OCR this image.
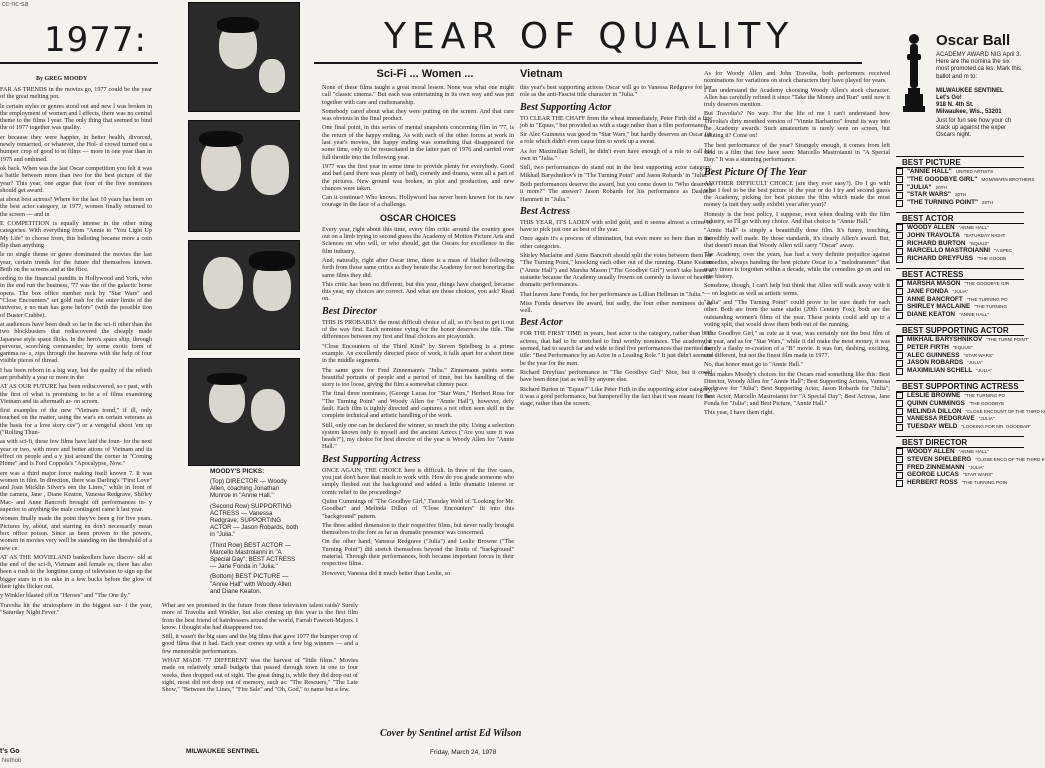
cc-nc-sa
Nethob
1977:
By GREG MOODY
FAR AS TRENDS in the movies go, 1977 could be the year of the great melting pot.
le certain styles or genres stood out and new l was broken in the employment of women and l effects, there was no central theme to the films l year. The only thing that seemed to bind the of 1977 together was quality.
er because they were happier, in better health, divorced, newly remarried, or whatever, the Hol- d crowd turned out a bumper crop of good to nt films — more in one year than in 1975 and ombined.
ok back. When was the last Oscar competition you felt it was a battle between more than two for the best picture of the year? This year, one argue that four of the five nominees should get award.
at about best actress? Where for the last 10 years has been on the best actor category, in 1977, women finally returned to the screen — and in
E COMPETITION is equally intense in the other ming categories. With everything from "Annie to "You Light Up My Life" to choose from, this balloting became more a coin flip than anything
le no single theme or genre dominated the movies the last year, certain trends for the future did themselves known. Both on the screens and at the ffice.
ording to the financial pundits in Hollywood and York, who in the end run the business, '77 was the of the galactic horse opera. The box office number ruck by "Star Wars" and "Close Encounters" set gold rush for the outer limits of the universe, e no man has gone before" (with the possible tion of Buster Crabbe).
at audiences have been dealt so far in the sci-fi other than the two blockbusters that rediscovered the cheaply made Japanese style space flicks. In the hero's space ship, through perverse, scorching commander, by some exotic form of gamma ra- s, zips through the heavens with the help of four visible pieces of thread.
I has been reborn in a big way, but the quality of the rebirth are probably a year or more in the
AT AS OUR FUTURE has been rediscovered, so r past, with the first of what is promising to be a of films examining Vietnam and its aftermath ar- on screen.
first examples of the new "Vietnam trend," if ill, only touched on the matter, using the war's en certain veterans as the basis for a love story ces") or a vengeful shoot 'em up ("Rolling Thun-
as with sci-fi, these few films have laid the foun- for the next year or two, with more and better ations of Vietnam and its effect on people and a y just around the corner in "Coming Home" and is Ford Coppola's "Apocalypse, Now."
ere was a third major force making itself known 7. It was women in film. In direction, there was Darling's "First Love" and Joan Micklin Silver's een the Lines," while in front of the camera, Jane , Diane Keaton, Vanessa Redgrave, Shirley Mac- and Anne Bancroft brought off performances in- y superior to anything the male contingent came h last year.
women finally made the point they've been g for five years. Pictures by, about, and starring en don't necessarily mean box office poison. Since as been proven to the powers, women in movies very well be standing on the threshold of a new ce.
AT AS THE MOVIELAND bankrollers have discov- old at the end of the sci-fi, Vietnam and female es, there has also been a rush to the longtime camp of television to sign up the bigger stars in rt to rake in a few bucks before the glow of their ights flicker out.
y Winkler blasted off in "Heroes" and "The One ily."
Travolta hit the stratosphere in the biggest sur- f the year, "Saturday Night Fever."
t's Go
MOODY'S PICKS:
(Top) DIRECTOR — Woody Allen, coaching Jonathan Munroe in "Annie Hall."
(Second Row) SUPPORTING ACTRESS — Vanessa Redgrave; SUPPORTING ACTOR — Jason Robards, both in "Julia."
(Third Row) BEST ACTOR — Marcello Mastroianni in "A Special Day"; BEST ACTRESS — Jane Fonda in "Julia."
(Bottom) BEST PICTURE — "Annie Hall" with Woody Allen and Diane Keaton.
YEAR OF QUALITY
Sci-Fi ... Women ...
None of these films taught a great moral lesson. None was what one might call "classic cinema." But each was entertaining in its own way and was put together with care and craftsmanship.
Somebody cared about what they were putting on the screen. And that care was obvious in the final product.
One final point, in this series of mental snapshots concerning film in '77, is the return of the happy ending. As with each of the other forces at work in last year's movies, the happy ending was something that disappeared for some time, only to be resuscitated in the latter part of 1976 and carried over full throttle into the following year.
1977 was the first year in some time to provide plenty for everybody. Good and bad (and there was plenty of bad), comedy and drama, were all a part of the pictures. New ground was broken, in plot and production, and new chances were taken.
Can it continue? Who knows. Hollywood has never been known for its raw courage in the face of a challenge.
OSCAR CHOICES
Every year, right about this time, every film critic around the country goes out on a limb trying to second guess the Academy of Motion Picture Arts and Sciences on who will, or who should, get the Oscars for excellence in the film industry.
And, naturally, right after Oscar time, there is a mass of blather following forth from those same critics as they berate the Academy for not honoring the same films they did.
This critic has been no different, but this year, things have changed, because this year, my choices are correct. And what are those choices, you ask? Read on.
Best Director
THIS IS PROBABLY the most difficult choice of all, so it's best to get it out of the way first. Each nominee vying for the honor deserves the title. The differences between my first and final choices are picayunish.
"Close Encounters of the Third Kind" by Steven Spielberg is a prime example. An excellently directed piece of work, it falls apart for a short time in the middle segments.
The same goes for Fred Zinnemann's "Julia." Zinnemann paints some beautiful portraits of people and a period of time, but his handling of the story is too loose, giving the film a somewhat clumsy pace.
The final three nominees, (George Lucas for "Star Wars," Herbert Ross for "The Turning Point" and Woody Allen for "Annie Hall"), however, defy fault. Each film is tightly directed and captures a not often seen skill in the complete technical and artistic handling of the work.
Still, only one can be declared the winner, so much the pity. Using a selection system known only to myself and the ancient Aztecs ("Are you sure it was heads?"), my choice for best director of the year is Woody Allen for "Annie Hall."
Best Supporting Actress
ONCE AGAIN, THE CHOICE here is difficult. In three of the five cases, you just don't have that much to work with. How do you grade someone who simply fleshed out the background and added a little dramatic interest or comic relief to the proceedings?
Quinn Cummings of "The Goodbye Girl," Tuesday Weld of "Looking for Mr. Goodbar" and Melinda Dillon of "Close Encounters" fit into this "background" pattern.
The three added dimension to their respective films, but never really brought themselves to the fore as far as dramatic presence was concerned.
On the other hand, Vanessa Redgrave ("Julia") and Leslie Browne ("The Turning Point") did stretch themselves beyond the limits of "background" material. Through their performances, both became important forces in their respective films.
However, Vanessa did it much better than Leslie, so
What are we promised in the future from these television talent raids? Surely more of Travolta and Winkler, but also coming up this year is the first film from the best friend of hairdressers around the world, Farrah Fawcett-Majors. I know. I thought she had disappeared too.
Still, it wasn't the big stars and the big films that gave 1977 the bumper crop of good films that it had. Each year comes up with a few big winners — and a few memorable performances.
WHAT MADE '77 DIFFERENT was the harvest of "little films." Movies made on relatively small budgets that passed through town in one to four weeks, then dropped out of sight. The great thing is, while they did drop out of sight, most did not drop out of memory, such as: "The Rescuers," "The Late Show," "Between the Lines," "Fire Sale" and "Oh, God," to name but a few.
MILWAUKEE SENTINEL
Vietnam
this year's best supporting actress Oscar will go to Vanessa Redgrave for her role as the anti-Fascist title character in "Julia."
Best Supporting Actor
TO CLEAR THE CHAFF from the wheat immediately, Peter Firth did a fine job in "Equus," but provided us with a stage rather than a film performance.
Sir Alec Guinness was good in "Star Wars," but hardly deserves an Oscar for a role which didn't even cause him to work up a sweat.
As for Maximilian Schell, he didn't even have enough of a role to call his own in "Julia."
Still, two performances do stand out in the best supporting actor category, Mikhail Baryshnikov's in "The Turning Point" and Jason Robards' in "Julia."
Both performances deserve the award, but you come down to "Who deserves it more?" The answer? Jason Robards for his performance as Dashiell Hammett in "Julia."
Best Actress
THIS YEAR, IT'S LADEN with solid gold, and it seems almost a crime to have to pick just one as best of the year.
Once again it's a process of elimination, but even more so here than in the other categories.
Shirley Maclaine and Anne Bancroft should split the votes between them for "The Turning Point," knocking each other out of the running. Diane Keaton ("Annie Hall") and Marsha Mason ("The Goodbye Girl") won't take home a statuette because the Academy usually frowns on comedy in favor of heavier dramatic performances.
That leaves Jane Fonda, for her performance as Lillian Hellman in "Julia."
Miss Fonda deserves the award, but sadly, the four other nominees do as well.
Best Actor
FOR THE FIRST TIME in years, best actor is the category, rather than best actress, that had to be stretched to find worthy nominees. The academy, it seemed, had to search far and wide to find five performances that merited the title: "Best Performance by an Actor in a Leading Role." It just didn't seem to be the year for the men.
Richard Dreyfuss' performance in "The Goodbye Girl" Nice, but it could have been done just as well by anyone else.
Richard Burton in "Equus?" Like Peter Firth in the supporting actor category, it was a good performance, but hampered by the fact that it was meant for the stage, rather than the screen.
As for Woody Allen and John Travolta, both performers received nominations for variations on stock characters they have played for years.
I can understand the Academy choosing Woody Allen's stock character. Allen has carefully refined it since "Take the Money and Run" until now it truly deserves mention.
But Travolta's? No way. For the life of me I can't understand how Travolta's dirty mouthed version of "Vinnie Barbarino" found its way into the Academy awards. Such amateurism is rarely seen on screen, but saluting it? Come on!
The best performance of the year? Strangely enough, it comes from left field in a film that few have seen: Marcello Mastroianni in "A Special Day." It was a stunning performance.
Best Picture Of The Year
ANOTHER DIFFICULT CHOICE (are they ever easy?). Do I go with what I feel to be the best picture of the year or do I try and second guess the Academy, picking for best picture the film which made the most money (a trait they sadly exhibit year after year)?
Honesty is the best policy, I suppose, even when dealing with the film industry, so I'll go with my choice. And that choice is "Annie Hall."
"Annie Hall" is simply a beautifully done film. It's funny, touching, incredibly well made. By those standards, it's clearly Allen's award. But, that doesn't mean that Woody Allen will carry "Oscar" away.
The Academy, over the years, has had a very definite prejudice against comedies, always handing the best picture Oscar to a "melodrammer" that many times is forgotten within a decade, while the comedies go on and on into history.
Somehow, though, I can't help but think that Allen will walk away with it — on logistic as well as artistic terms.
"Julia" and "The Turning Point" could prove to be sure death for each other. Both are from the same studio (20th Century Fox); both are the outstanding women's films of the year. These points could add up to a voting split, that would draw them both out of the running.
"The Goodbye Girl," as cute as it was, was certainly not the best film of the year, and as for "Star Wars," while it did make the most money, it was merely a flashy re-creation of a "B" movie. It was fun, dashing, exciting, and different, but not the finest film made in 1977.
No, that honor must go to "Annie Hall."
That makes Moody's choices for the Oscars read something like this: Best Director, Woody Allen for "Annie Hall"; Best Supporting Actress, Vanessa Redgrave for "Julia"; Best Supporting Actor, Jason Robards for "Julia"; Best Actor, Marcello Mastroianni for "A Special Day"; Best Actress, Jane Fonda for "Julia"; and Best Picture, "Annie Hall."
This year, I have them right.
Cover by Sentinel artist Ed Wilson
Friday, March 24, 1978
Oscar Ball
ACADEMY AWARD NIG April 3. Here are the nomina the six most promoted ca les. Mark this ballot and m to:
MILWAUKEE SENTINEL
Let's Go!
918 N. 4th St.
Milwaukee, Wis., 53201
Just for fun see how your ch stack up against the exper Oscars night.
BEST PICTURE
"ANNIE HALL" UNITED ARTISTS
"THE GOODBYE GIRL" MGM/WARN BROTHERS
"JULIA" 20TH
"STAR WARS" 20TH
"THE TURNING POINT" 20TH
BEST ACTOR
WOODY ALLEN "ANNIE HALL"
JOHN TRAVOLTA "SATURDAY NIGHT
RICHARD BURTON "EQUUS"
MARCELLO MASTROIANNI "A SPEC
RICHARD DREYFUSS "THE GOODB
BEST ACTRESS
MARSHA MASON "THE GOODBYE GIR
JANE FONDA "JULIA"
ANNE BANCROFT "THE TURNING PO
SHIRLEY MACLAINE "THE TURNING
DIANE KEATON "ANNIE HALL"
BEST SUPPORTING ACTOR
MIKHAIL BARYSHNIKOV "THE TURNI POINT"
PETER FIRTH "EQUUS"
ALEC GUINNESS "STAR WARS"
JASON ROBARDS "JULIA"
MAXIMILIAN SCHELL "JULIA"
BEST SUPPORTING ACTRESS
LESLIE BROWNE "THE TURNING PO
QUINN CUMMINGS "THE GOODBYE
MELINDA DILLON "CLOSE ENCOUNT OF THE THIRD KI
VANESSA REDGRAVE "JULIA"
TUESDAY WELD "LOOKING FOR MR. GOODBAR"
BEST DIRECTOR
WOODY ALLEN "ANNIE HALL"
STEVEN SPIELBERG "CLOSE ENCO OF THE THIRD K
FRED ZINNEMANN "JULIA"
GEORGE LUCAS "STAR WARS"
HERBERT ROSS "THE TURNING POIN
